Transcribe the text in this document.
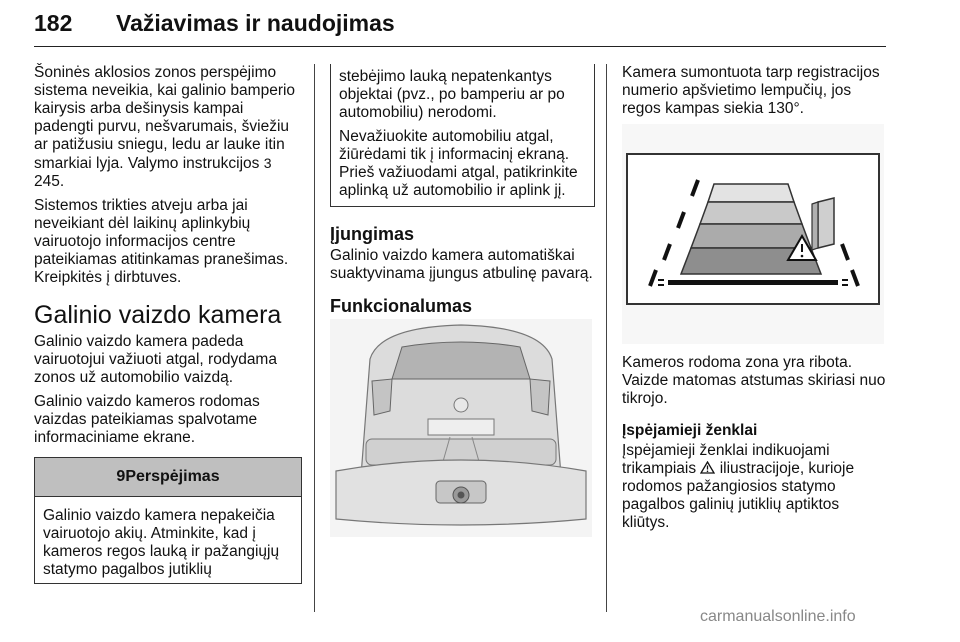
182 Važiavimas ir naudojimas

Šoninės aklosios zonos perspėjimo sistema neveikia, kai galinio bamperio kairysis arba dešinysis kampai padengti purvu, nešvarumais, šviežiu ar patižusiu sniegu, ledu ar lauke itin smarkiai lyja. Valymo instrukcijos 3 245.

Sistemos trikties atveju arba jai neveikiant dėl laikinų aplinkybių vairuotojo informacijos centre pateikiamas atitinkamas pranešimas. Kreipkitės į dirbtuves.

Galinio vaizdo kamera

Galinio vaizdo kamera padeda vairuotojui važiuoti atgal, rodydama zonos už automobilio vaizdą.

Galinio vaizdo kameros rodomas vaizdas pateikiamas spalvotame informaciniame ekrane.

9Perspėjimas
Galinio vaizdo kamera nepakeičia vairuotojo akių. Atminkite, kad į kameros regos lauką ir pažangiųjų statymo pagalbos jutiklių

stebėjimo lauką nepatenkantys objektai (pvz., po bamperiu ar po automobiliu) nerodomi.

Nevažiuokite automobiliu atgal, žiūrėdami tik į informacinį ekraną. Prieš važiuodami atgal, patikrinkite aplinką už automobilio ir aplink jį.

Įjungimas

Galinio vaizdo kamera automatiškai suaktyvinama įjungus atbulinę pavarą.

Funkcionalumas

Kamera sumontuota tarp registracijos numerio apšvietimo lempučių, jos regos kampas siekia 130°.

Kameros rodoma zona yra ribota. Vaizde matomas atstumas skiriasi nuo tikrojo.

Įspėjamieji ženklai

Įspėjamieji ženklai indikuojami trikampiais iliustracijoje, kurioje rodomos pažangiosios statymo pagalbos galinių jutiklių aptiktos kliūtys.

carmanualsonline.info
